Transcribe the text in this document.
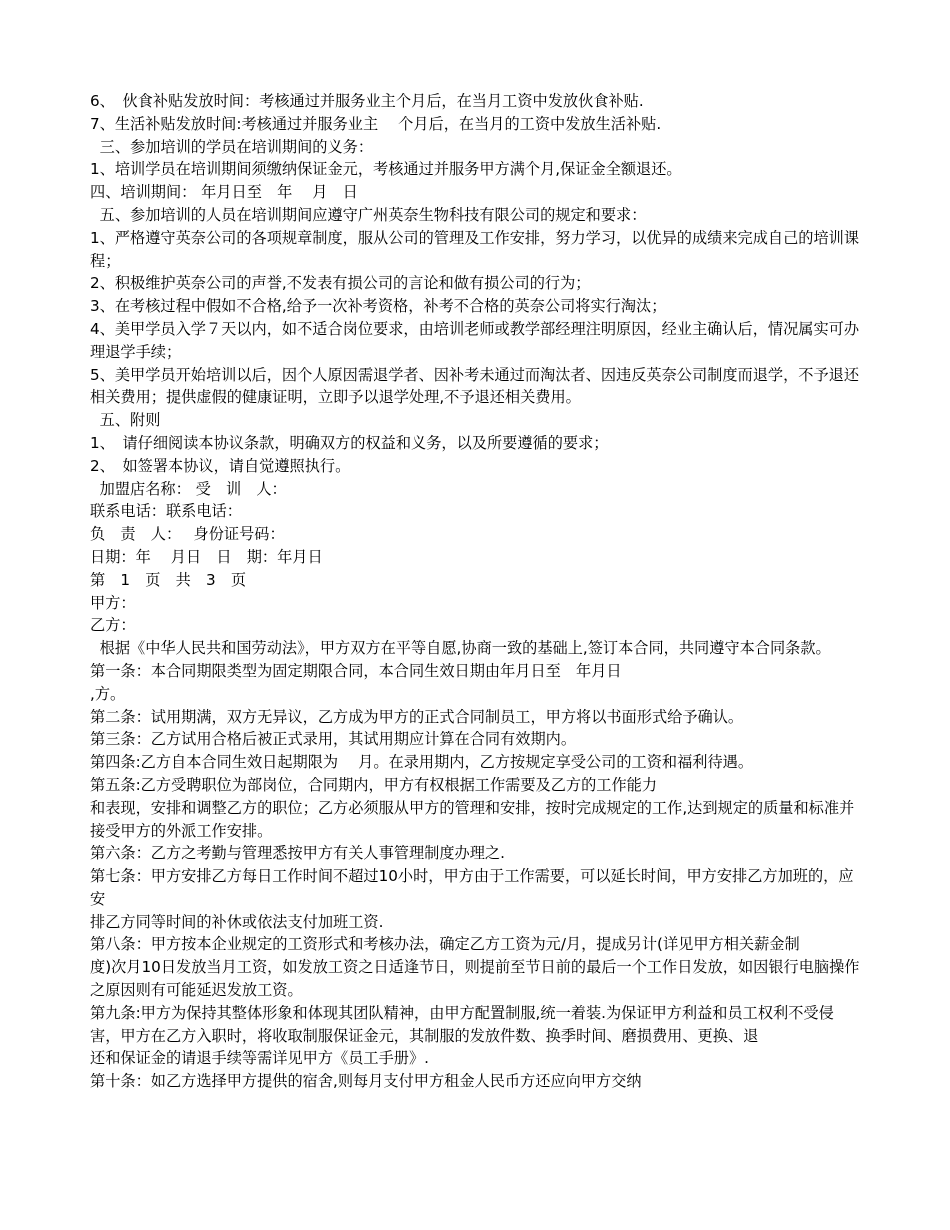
6、　伙食补贴发放时间：考核通过并服务业主个月后，在当月工资中发放伙食补贴.

7、生活补贴发放时间:考核通过并服务业主　 个月后，在当月的工资中发放生活补贴.

三、参加培训的学员在培训期间的义务：

1、培训学员在培训期间须缴纳保证金元，考核通过并服务甲方满个月,保证金全额退还。

四、培训期间： 年月日至　年　 月　日

五、参加培训的人员在培训期间应遵守广州英奈生物科技有限公司的规定和要求：

1、严格遵守英奈公司的各项规章制度，服从公司的管理及工作安排，努力学习，以优异的成绩来完成自己的培训课程；

2、积极维护英奈公司的声誉,不发表有损公司的言论和做有损公司的行为；

3、在考核过程中假如不合格,给予一次补考资格，补考不合格的英奈公司将实行淘汰；

4、美甲学员入学７天以内，如不适合岗位要求，由培训老师或教学部经理注明原因，经业主确认后，情况属实可办理退学手续；

5、美甲学员开始培训以后，因个人原因需退学者、因补考未通过而淘汰者、因违反英奈公司制度而退学，不予退还相关费用；提供虚假的健康证明，立即予以退学处理,不予退还相关费用。

五、附则

1、　请仔细阅读本协议条款，明确双方的权益和义务，以及所要遵循的要求；

2、　如签署本协议，请自觉遵照执行。

加盟店名称： 受　训　人：

联系电话：联系电话：

负　责　人：　 身份证号码：

日期：年　 月日　日　期：年月日

第　1　页　共　3　页

甲方：

乙方：

根据《中华人民共和国劳动法》，甲方双方在平等自愿,协商一致的基础上,签订本合同，共同遵守本合同条款。

第一条：本合同期限类型为固定期限合同，本合同生效日期由年月日至　年月日

,方。

第二条：试用期满，双方无异议，乙方成为甲方的正式合同制员工，甲方将以书面形式给予确认。

第三条：乙方试用合格后被正式录用，其试用期应计算在合同有效期内。

第四条:乙方自本合同生效日起期限为　 月。在录用期内，乙方按规定享受公司的工资和福利待遇。

第五条:乙方受聘职位为部岗位，合同期内，甲方有权根据工作需要及乙方的工作能力

和表现，安排和调整乙方的职位；乙方必须服从甲方的管理和安排，按时完成规定的工作,达到规定的质量和标准并接受甲方的外派工作安排。

第六条：乙方之考勤与管理悉按甲方有关人事管理制度办理之.

第七条：甲方安排乙方每日工作时间不超过10小时，甲方由于工作需要，可以延长时间，甲方安排乙方加班的，应安

排乙方同等时间的补休或依法支付加班工资.

第八条：甲方按本企业规定的工资形式和考核办法，确定乙方工资为元/月，提成另计(详见甲方相关薪金制

度)次月10日发放当月工资，如发放工资之日适逢节日，则提前至节日前的最后一个工作日发放，如因银行电脑操作之原因则有可能延迟发放工资。

第九条:甲方为保持其整体形象和体现其团队精神，由甲方配置制服,统一着装.为保证甲方利益和员工权利不受侵

害，甲方在乙方入职时，将收取制服保证金元，其制服的发放件数、换季时间、磨损费用、更换、退

还和保证金的请退手续等需详见甲方《员工手册》.

第十条：如乙方选择甲方提供的宿舍,则每月支付甲方租金人民币方还应向甲方交纳
